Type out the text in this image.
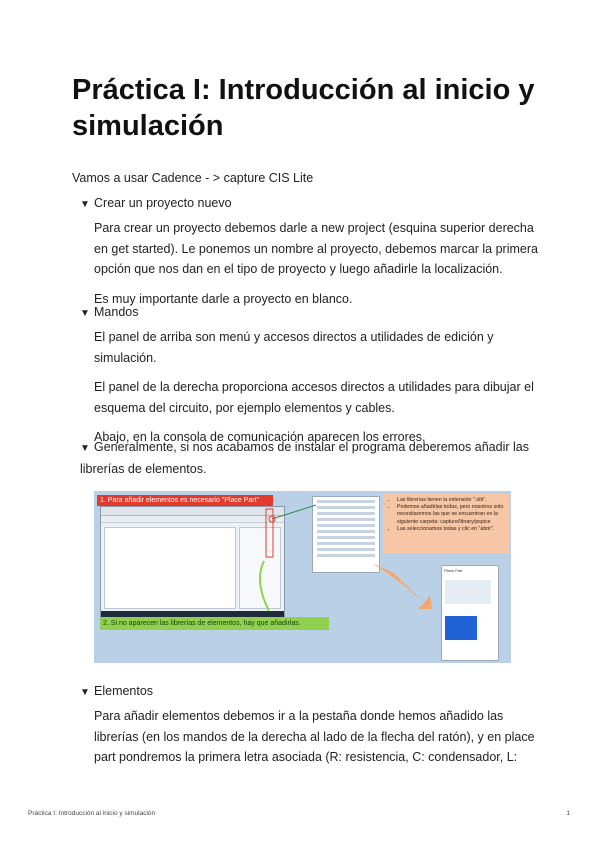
Práctica I: Introducción al inicio y simulación
Vamos a usar Cadence - > capture CIS Lite
▼ Crear un proyecto nuevo

Para crear un proyecto debemos darle a new project (esquina superior derecha en get started). Le ponemos un nombre al proyecto, debemos marcar la primera opción que nos dan en el tipo de proyecto y luego añadirle la localización.

Es muy importante darle a proyecto en blanco.

▼ Mandos

El panel de arriba son menú y accesos directos a utilidades de edición y simulación.

El panel de la derecha proporciona accesos directos a utilidades para dibujar el esquema del circuito, por ejemplo elementos y cables.

Abajo, en la consola de comunicación aparecen los errores.

▼ Generalmente, si nos acabamos de instalar el programa deberemos añadir las librerías de elementos.
1. Para añadir elementos es necesario "Place Part"
2. Si no aparecen las librerías de elementos, hay que añadirlas.
• Las librerías tienen la extensión ".olb".
• Podemos añadirlas todas, pero nosotros solo necesitaremos las que se encuentran en la siguiente carpeta: capture/library/pspice
• Las seleccionamos todas y clic en "abrir".
Place Part
▼ Elementos

Para añadir elementos debemos ir a la pestaña donde hemos añadido las librerías (en los mandos de la derecha al lado de la flecha del ratón), y en place part pondremos la primera letra asociada (R: resistencia, C: condensador, L:

Práctica I: Introducción al inicio y simulación	1
